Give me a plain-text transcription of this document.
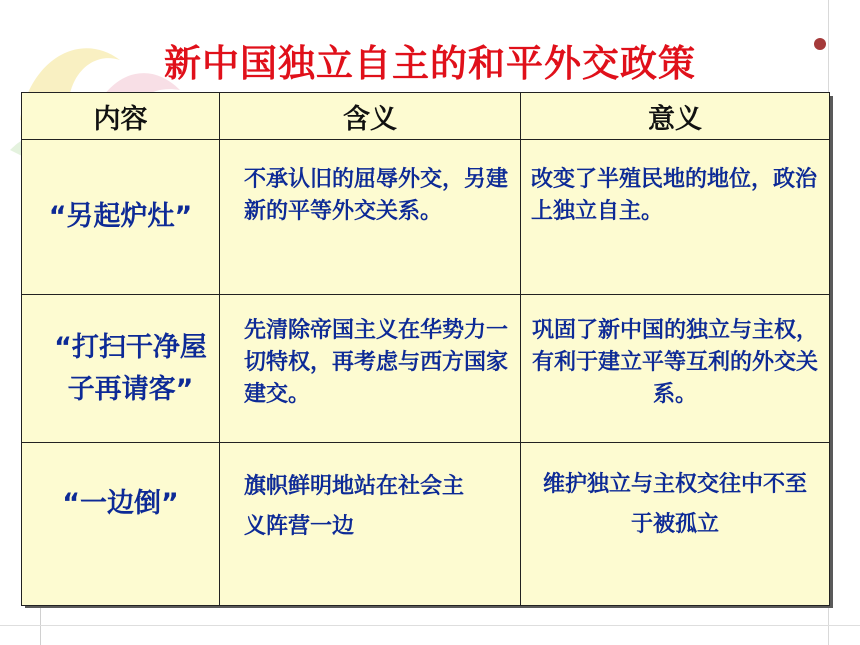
新中国独立自主的和平外交政策
内容	含义	意义
“另起炉灶”	不承认旧的屈辱外交，另建新的平等外交关系。	改变了半殖民地的地位，政治上独立自主。
“打扫干净屋子再请客”	先清除帝国主义在华势力一切特权，再考虑与西方国家建交。	巩固了新中国的独立与主权，有利于建立平等互利的外交关系。
“一边倒”	旗帜鲜明地站在社会主义阵营一边	维护独立与主权交往中不至于被孤立
